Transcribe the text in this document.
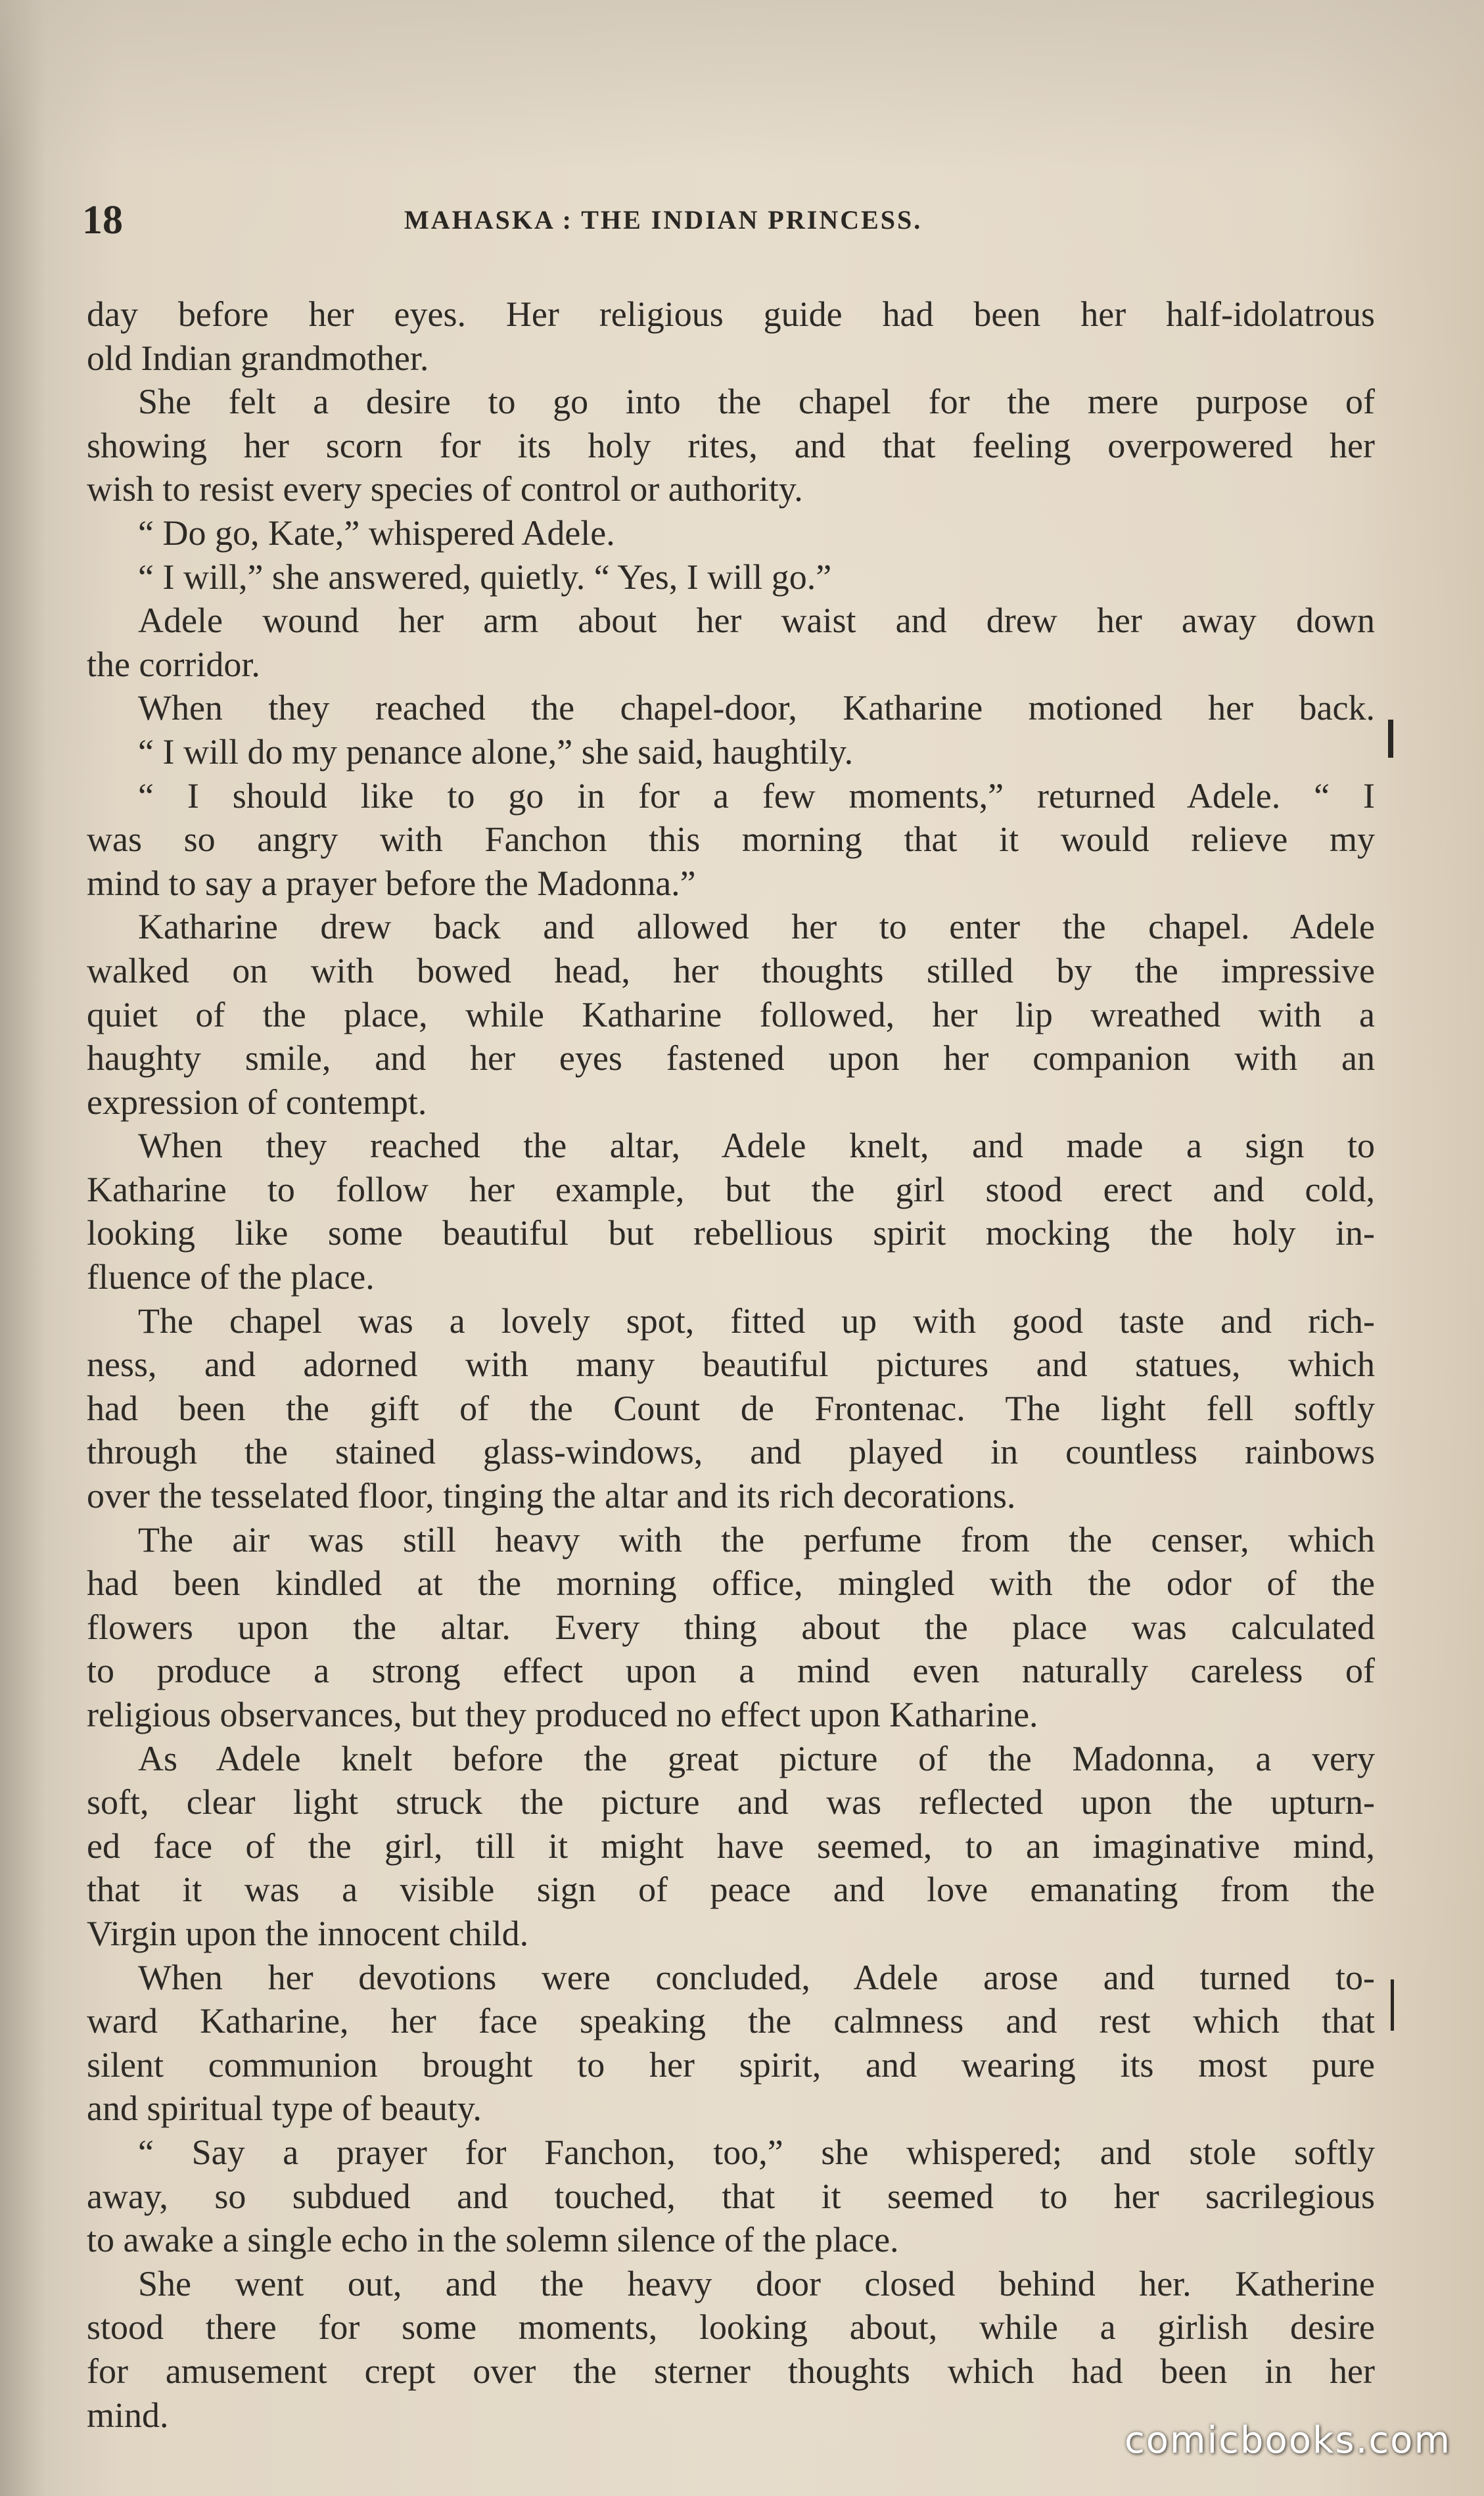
18	MAHASKA : THE INDIAN PRINCESS.
day before her eyes. Her religious guide had been her half-idolatrous
old Indian grandmother.
She felt a desire to go into the chapel for the mere purpose of
showing her scorn for its holy rites, and that feeling overpowered her
wish to resist every species of control or authority.
“ Do go, Kate,” whispered Adele.
“ I will,” she answered, quietly. “ Yes, I will go.”
Adele wound her arm about her waist and drew her away down
the corridor.
When they reached the chapel-door, Katharine motioned her back.
“ I will do my penance alone,” she said, haughtily.
“ I should like to go in for a few moments,” returned Adele. “ I
was so angry with Fanchon this morning that it would relieve my
mind to say a prayer before the Madonna.”
Katharine drew back and allowed her to enter the chapel. Adele
walked on with bowed head, her thoughts stilled by the impressive
quiet of the place, while Katharine followed, her lip wreathed with a
haughty smile, and her eyes fastened upon her companion with an
expression of contempt.
When they reached the altar, Adele knelt, and made a sign to
Katharine to follow her example, but the girl stood erect and cold,
looking like some beautiful but rebellious spirit mocking the holy in-
fluence of the place.
The chapel was a lovely spot, fitted up with good taste and rich-
ness, and adorned with many beautiful pictures and statues, which
had been the gift of the Count de Frontenac. The light fell softly
through the stained glass-windows, and played in countless rainbows
over the tesselated floor, tinging the altar and its rich decorations.
The air was still heavy with the perfume from the censer, which
had been kindled at the morning office, mingled with the odor of the
flowers upon the altar. Every thing about the place was calculated
to produce a strong effect upon a mind even naturally careless of
religious observances, but they produced no effect upon Katharine.
As Adele knelt before the great picture of the Madonna, a very
soft, clear light struck the picture and was reflected upon the upturn-
ed face of the girl, till it might have seemed, to an imaginative mind,
that it was a visible sign of peace and love emanating from the
Virgin upon the innocent child.
When her devotions were concluded, Adele arose and turned to-
ward Katharine, her face speaking the calmness and rest which that
silent communion brought to her spirit, and wearing its most pure
and spiritual type of beauty.
“ Say a prayer for Fanchon, too,” she whispered; and stole softly
away, so subdued and touched, that it seemed to her sacrilegious
to awake a single echo in the solemn silence of the place.
She went out, and the heavy door closed behind her. Katherine
stood there for some moments, looking about, while a girlish desire
for amusement crept over the sterner thoughts which had been in her
mind.
comicbooks.com
